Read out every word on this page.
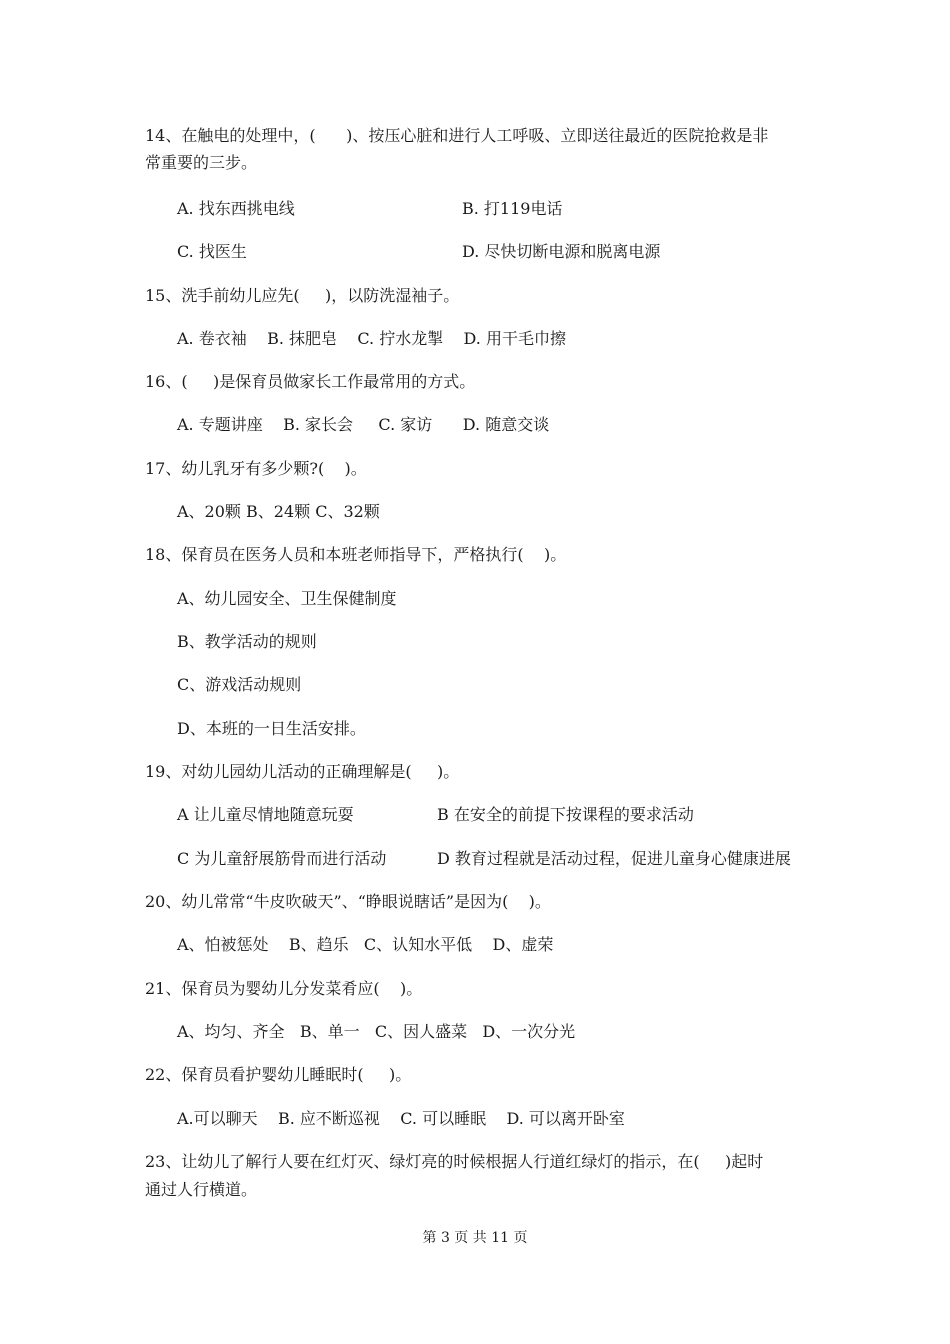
14、在触电的处理中，(      )、按压心脏和进行人工呼吸、立即送往最近的医院抢救是非
常重要的三步。
A. 找东西挑电线	B. 打119电话
C. 找医生	D. 尽快切断电源和脱离电源
15、洗手前幼儿应先(     )，以防洗湿袖子。
A. 卷衣袖    B. 抹肥皂    C. 拧水龙掣    D. 用干毛巾擦
16、(     )是保育员做家长工作最常用的方式。
A. 专题讲座    B. 家长会     C. 家访      D. 随意交谈
17、幼儿乳牙有多少颗?(    )。
A、20颗 B、24颗 C、32颗
18、保育员在医务人员和本班老师指导下，严格执行(    )。
A、幼儿园安全、卫生保健制度
B、教学活动的规则
C、游戏活动规则
D、本班的一日生活安排。
19、对幼儿园幼儿活动的正确理解是(     )。
A 让儿童尽情地随意玩耍	B 在安全的前提下按课程的要求活动
C 为儿童舒展筋骨而进行活动	D 教育过程就是活动过程，促进儿童身心健康进展
20、幼儿常常“牛皮吹破天”、“睁眼说瞎话”是因为(    )。
A、怕被惩处    B、趋乐   C、认知水平低    D、虚荣
21、保育员为婴幼儿分发菜肴应(    )。
A、均匀、齐全   B、单一   C、因人盛菜   D、一次分光
22、保育员看护婴幼儿睡眠时(     )。
A.可以聊天    B. 应不断巡视    C. 可以睡眠    D. 可以离开卧室
23、让幼儿了解行人要在红灯灭、绿灯亮的时候根据人行道红绿灯的指示，在(     )起时
通过人行横道。
第 3 页 共 11 页
